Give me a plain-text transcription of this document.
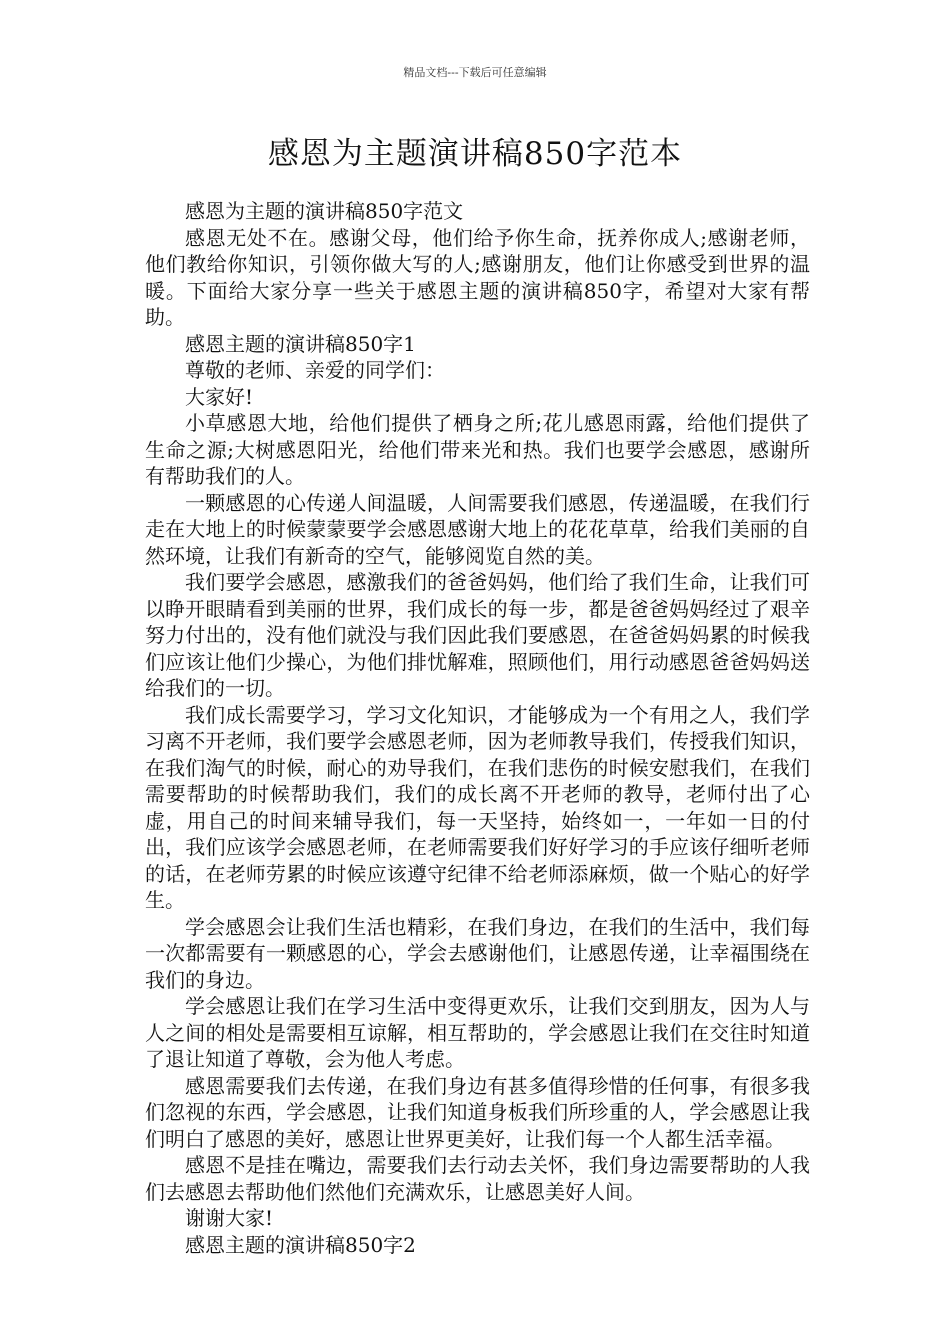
精品文档---下载后可任意编辑
感恩为主题演讲稿850字范本

感恩为主题的演讲稿850字范文

感恩无处不在。感谢父母，他们给予你生命，抚养你成人;感谢老师，他们教给你知识，引领你做大写的人;感谢朋友，他们让你感受到世界的温暖。下面给大家分享一些关于感恩主题的演讲稿850字，希望对大家有帮助。

感恩主题的演讲稿850字1

尊敬的老师、亲爱的同学们：

大家好!

小草感恩大地，给他们提供了栖身之所;花儿感恩雨露，给他们提供了生命之源;大树感恩阳光，给他们带来光和热。我们也要学会感恩，感谢所有帮助我们的人。

一颗感恩的心传递人间温暖，人间需要我们感恩，传递温暖，在我们行走在大地上的时候蒙蒙要学会感恩感谢大地上的花花草草，给我们美丽的自然环境，让我们有新奇的空气，能够阅览自然的美。

我们要学会感恩，感激我们的爸爸妈妈，他们给了我们生命，让我们可以睁开眼睛看到美丽的世界，我们成长的每一步，都是爸爸妈妈经过了艰辛努力付出的，没有他们就没与我们因此我们要感恩，在爸爸妈妈累的时候我们应该让他们少操心，为他们排忧解难，照顾他们，用行动感恩爸爸妈妈送给我们的一切。

我们成长需要学习，学习文化知识，才能够成为一个有用之人，我们学习离不开老师，我们要学会感恩老师，因为老师教导我们，传授我们知识，在我们淘气的时候，耐心的劝导我们，在我们悲伤的时候安慰我们，在我们需要帮助的时候帮助我们，我们的成长离不开老师的教导，老师付出了心虚，用自己的时间来辅导我们，每一天坚持，始终如一，一年如一日的付出，我们应该学会感恩老师，在老师需要我们好好学习的手应该仔细听老师的话，在老师劳累的时候应该遵守纪律不给老师添麻烦，做一个贴心的好学生。

学会感恩会让我们生活也精彩，在我们身边，在我们的生活中，我们每一次都需要有一颗感恩的心，学会去感谢他们，让感恩传递，让幸福围绕在我们的身边。

学会感恩让我们在学习生活中变得更欢乐，让我们交到朋友，因为人与人之间的相处是需要相互谅解，相互帮助的，学会感恩让我们在交往时知道了退让知道了尊敬，会为他人考虑。

感恩需要我们去传递，在我们身边有甚多值得珍惜的任何事，有很多我们忽视的东西，学会感恩，让我们知道身板我们所珍重的人，学会感恩让我们明白了感恩的美好，感恩让世界更美好，让我们每一个人都生活幸福。

感恩不是挂在嘴边，需要我们去行动去关怀，我们身边需要帮助的人我们去感恩去帮助他们然他们充满欢乐，让感恩美好人间。

谢谢大家!

感恩主题的演讲稿850字2
